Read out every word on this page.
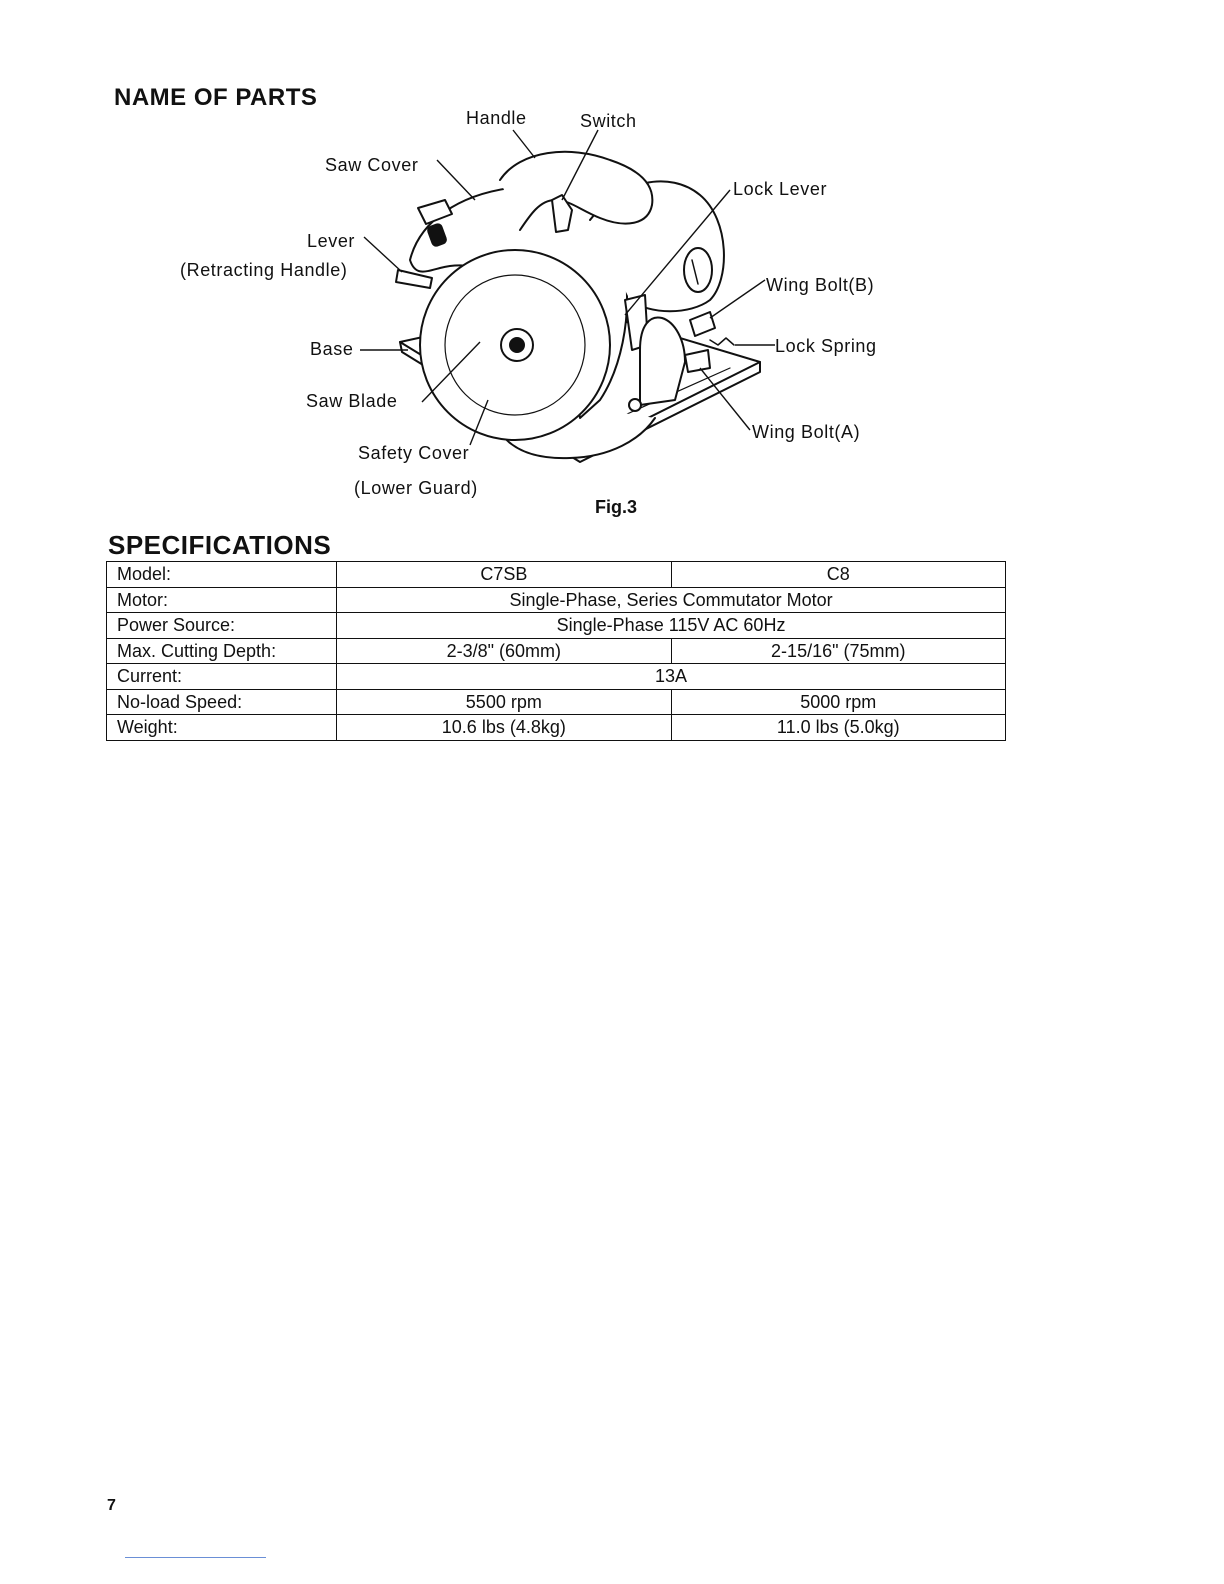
NAME OF PARTS
Handle	Switch
Saw Cover
Lock Lever
Lever
(Retracting Handle)
Wing Bolt(B)
Lock Spring
Base
Saw Blade
Wing Bolt(A)
Safety Cover
(Lower Guard)
Fig.3
SPECIFICATIONS
Model:	C7SB	C8
Motor:	Single-Phase, Series Commutator Motor	
Power Source:	Single-Phase 115V AC 60Hz	
Max. Cutting Depth:	2-3/8" (60mm)	2-15/16" (75mm)
Current:	13A	
No-load Speed:	5500 rpm	5000 rpm
Weight:	10.6 lbs (4.8kg)	11.0 lbs (5.0kg)
7
